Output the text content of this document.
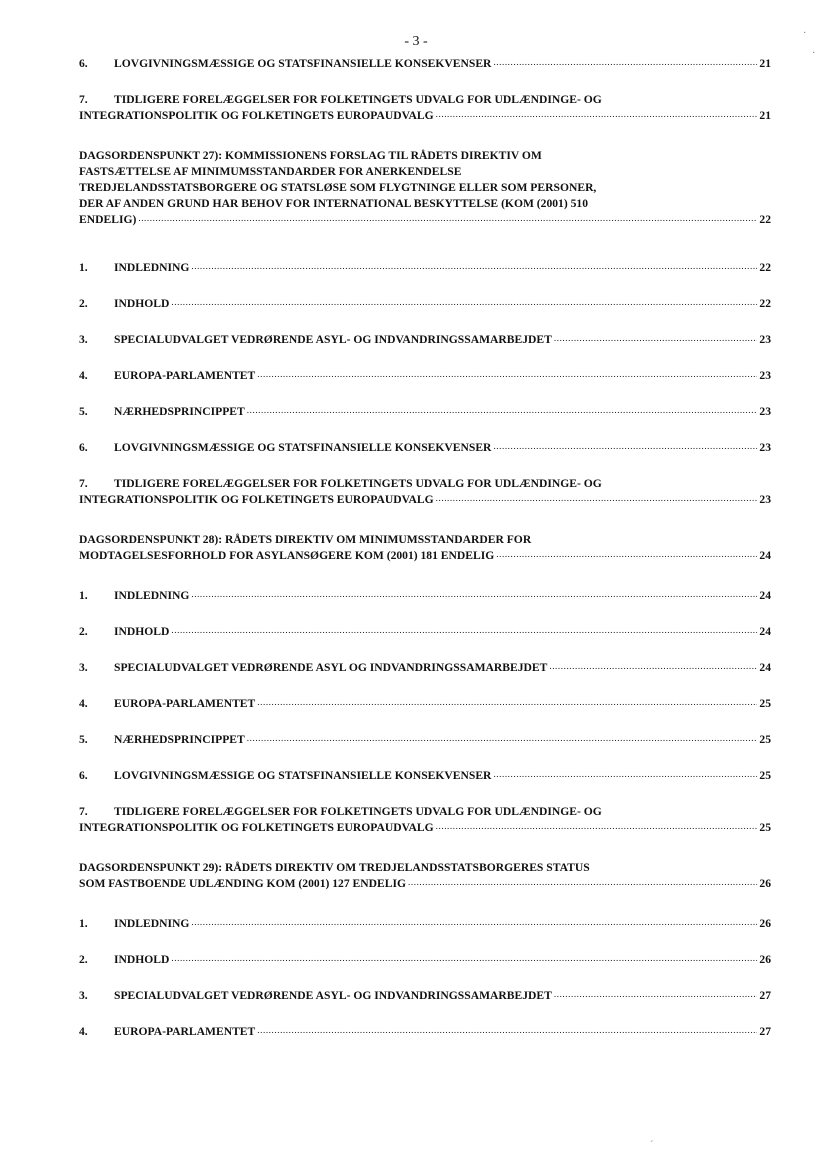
- 3 -
6.	LOVGIVNINGSMÆSSIGE OG STATSFINANSIELLE KONSEKVENSER .....	21
7. TIDLIGERE FORELÆGGELSER FOR FOLKETINGETS UDVALG FOR UDLÆNDINGE- OG
INTEGRATIONSPOLITIK OG FOLKETINGETS EUROPAUDVALG .....	21
DAGSORDENSPUNKT 27): KOMMISSIONENS FORSLAG TIL RÅDETS DIREKTIV OM
FASTSÆTTELSE AF MINIMUMSSTANDARDER FOR ANERKENDELSE
TREDJELANDSSTATSBORGERE OG STATSLØSE SOM FLYGTNINGE ELLER SOM PERSONER,
DER AF ANDEN GRUND HAR BEHOV FOR INTERNATIONAL BESKYTTELSE (KOM (2001) 510
ENDELIG) .....	22
1.	INDLEDNING .....	22
2.	INDHOLD .....	22
3.	SPECIALUDVALGET VEDRØRENDE ASYL- OG INDVANDRINGSSAMARBEJDET .....	23
4.	EUROPA-PARLAMENTET .....	23
5.	NÆRHEDSPRINCIPPET .....	23
6.	LOVGIVNINGSMÆSSIGE OG STATSFINANSIELLE KONSEKVENSER .....	23
7. TIDLIGERE FORELÆGGELSER FOR FOLKETINGETS UDVALG FOR UDLÆNDINGE- OG
INTEGRATIONSPOLITIK OG FOLKETINGETS EUROPAUDVALG .....	23
DAGSORDENSPUNKT 28): RÅDETS DIREKTIV OM MINIMUMSSTANDARDER FOR
MODTAGELSESFORHOLD FOR ASYLANSØGERE KOM (2001) 181 ENDELIG .....	24
1.	INDLEDNING .....	24
2.	INDHOLD .....	24
3.	SPECIALUDVALGET VEDRØRENDE ASYL OG INDVANDRINGSSAMARBEJDET .....	24
4.	EUROPA-PARLAMENTET .....	25
5.	NÆRHEDSPRINCIPPET .....	25
6.	LOVGIVNINGSMÆSSIGE OG STATSFINANSIELLE KONSEKVENSER .....	25
7. TIDLIGERE FORELÆGGELSER FOR FOLKETINGETS UDVALG FOR UDLÆNDINGE- OG
INTEGRATIONSPOLITIK OG FOLKETINGETS EUROPAUDVALG .....	25
DAGSORDENSPUNKT 29): RÅDETS DIREKTIV OM TREDJELANDSSTATSBORGERES STATUS
SOM FASTBOENDE UDLÆNDING KOM (2001) 127 ENDELIG .....	26
1.	INDLEDNING .....	26
2.	INDHOLD .....	26
3.	SPECIALUDVALGET VEDRØRENDE ASYL- OG INDVANDRINGSSAMARBEJDET .....	27
4.	EUROPA-PARLAMENTET .....	27
·
·
ˊ
